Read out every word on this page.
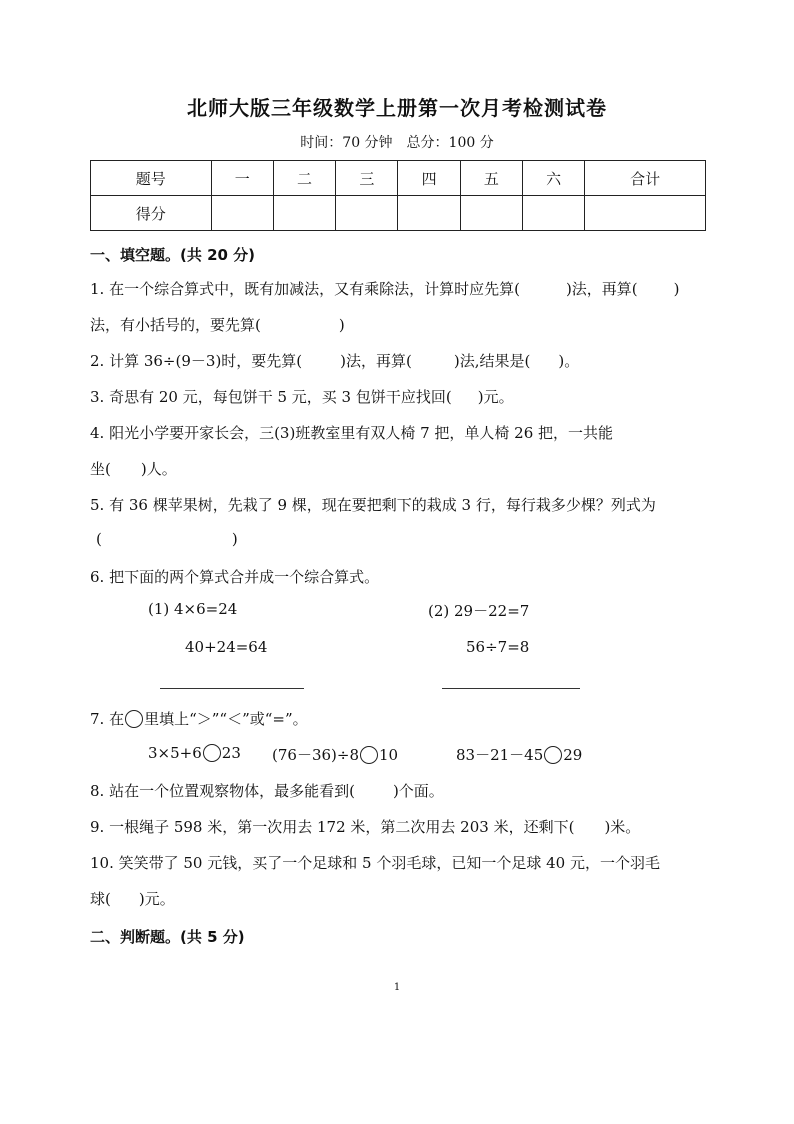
北师大版三年级数学上册第一次月考检测试卷
时间：70 分钟　总分：100 分
题号	一	二	三	四	五	六	合计
得分							
一、填空题。(共 20 分)
1. 在一个综合算式中，既有加减法，又有乘除法，计算时应先算(	)法，再算( )
法，有小括号的，要先算(	)
2. 计算 36÷(9－3)时，要先算(	)法，再算(	)法,结果是( )。
3. 奇思有 20 元，每包饼干 5 元，买 3 包饼干应找回( )元。
4. 阳光小学要开家长会，三(3)班教室里有双人椅 7 把，单人椅 26 把，一共能
坐( )人。
5. 有 36 棵苹果树，先栽了 9 棵，现在要把剩下的栽成 3 行，每行栽多少棵？列式为
(	)
6. 把下面的两个算式合并成一个综合算式。
(1) 4×6=24
40+24=64
(2) 29－22=7
56÷7=8
7. 在 里填上“＞”“＜”或“=”。
3×5+6 23 (76－36)÷8 10	83－21－45 29
8. 站在一个位置观察物体，最多能看到(	)个面。
9. 一根绳子 598 米，第一次用去 172 米，第二次用去 203 米，还剩下( )米。
10. 笑笑带了 50 元钱，买了一个足球和 5 个羽毛球，已知一个足球 40 元，一个羽毛
球( )元。
二、判断题。(共 5 分)
1
